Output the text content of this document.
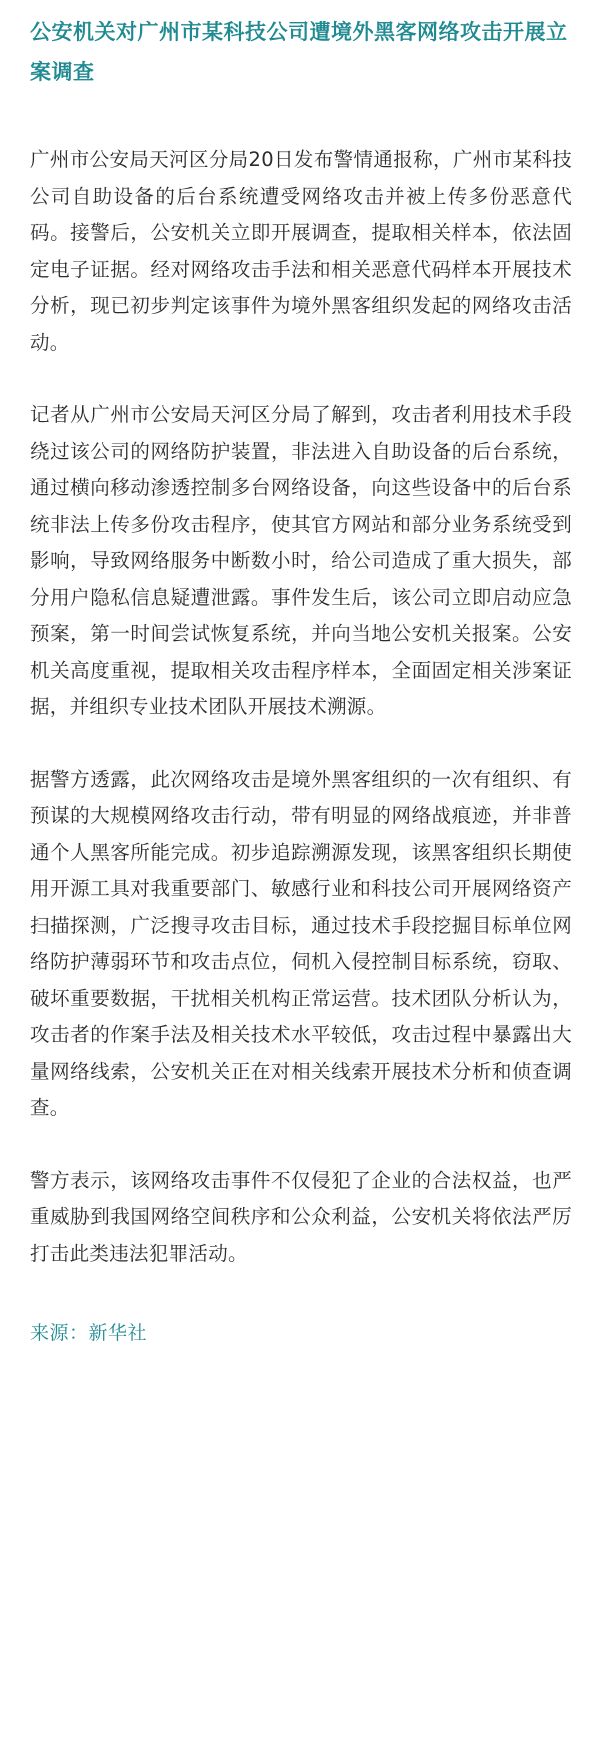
公安机关对广州市某科技公司遭境外黑客网络攻击开展立案调查

广州市公安局天河区分局20日发布警情通报称，广州市某科技公司自助设备的后台系统遭受网络攻击并被上传多份恶意代码。接警后，公安机关立即开展调查，提取相关样本，依法固定电子证据。经对网络攻击手法和相关恶意代码样本开展技术分析，现已初步判定该事件为境外黑客组织发起的网络攻击活动。

记者从广州市公安局天河区分局了解到，攻击者利用技术手段绕过该公司的网络防护装置，非法进入自助设备的后台系统，通过横向移动渗透控制多台网络设备，向这些设备中的后台系统非法上传多份攻击程序，使其官方网站和部分业务系统受到影响，导致网络服务中断数小时，给公司造成了重大损失，部分用户隐私信息疑遭泄露。事件发生后，该公司立即启动应急预案，第一时间尝试恢复系统，并向当地公安机关报案。公安机关高度重视，提取相关攻击程序样本，全面固定相关涉案证据，并组织专业技术团队开展技术溯源。

据警方透露，此次网络攻击是境外黑客组织的一次有组织、有预谋的大规模网络攻击行动，带有明显的网络战痕迹，并非普通个人黑客所能完成。初步追踪溯源发现，该黑客组织长期使用开源工具对我重要部门、敏感行业和科技公司开展网络资产扫描探测，广泛搜寻攻击目标，通过技术手段挖掘目标单位网络防护薄弱环节和攻击点位，伺机入侵控制目标系统，窃取、破坏重要数据，干扰相关机构正常运营。技术团队分析认为，攻击者的作案手法及相关技术水平较低，攻击过程中暴露出大量网络线索，公安机关正在对相关线索开展技术分析和侦查调查。

警方表示，该网络攻击事件不仅侵犯了企业的合法权益，也严重威胁到我国网络空间秩序和公众利益，公安机关将依法严厉打击此类违法犯罪活动。

来源：新华社
